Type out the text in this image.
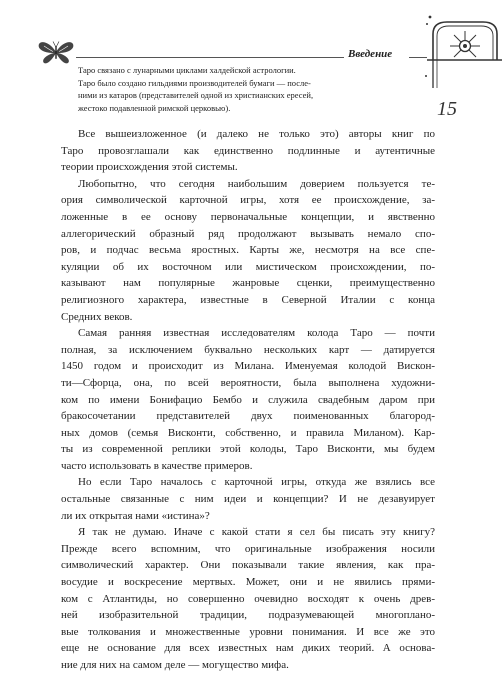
Введение
15
Таро связано с лунарными циклами халдейской астрологии.
Таро было создано гильдиями производителей бумаги — после-
ними из катаров (представителей одной из христианских ересей,
жестоко подавленной римской церковью).

Все вышеизложенное (и далеко не только это) авторы книг по
Таро провозглашали как единственно подлинные и аутентичные
теории происхождения этой системы.

Любопытно, что сегодня наибольшим доверием пользуется те-
ория символической карточной игры, хотя ее происхождение, за-
ложенные в ее основу первоначальные концепции, и явственно
аллегорический образный ряд продолжают вызывать немало спо-
ров, и подчас весьма яростных. Карты же, несмотря на все спе-
куляции об их восточном или мистическом происхождении, по-
казывают нам популярные жанровые сценки, преимущественно
религиозного характера, известные в Северной Италии с конца
Средних веков.

Самая ранняя известная исследователям колода Таро — почти
полная, за исключением буквально нескольких карт — датируется
1450 годом и происходит из Милана. Именуемая колодой Вискон-
ти—Сфорца, она, по всей вероятности, была выполнена художни-
ком по имени Бонифацио Бембо и служила свадебным даром при
бракосочетании представителей двух поименованных благород-
ных домов (семья Висконти, собственно, и правила Миланом). Кар-
ты из современной реплики этой колоды, Таро Висконти, мы будем
часто использовать в качестве примеров.

Но если Таро началось с карточной игры, откуда же взялись все
остальные связанные с ним идеи и концепции? И не дезавуирует
ли их открытая нами «истина»?

Я так не думаю. Иначе с какой стати я сел бы писать эту книгу?
Прежде всего вспомним, что оригинальные изображения носили
символический характер. Они показывали такие явления, как пра-
восудие и воскресение мертвых. Может, они и не явились прями-
ком с Атлантиды, но совершенно очевидно восходят к очень древ-
ней изобразительной традиции, подразумевающей многоплано-
вые толкования и множественные уровни понимания. И все же это
еще не основание для всех известных нам диких теорий. А основа-
ние для них на самом деле — могущество мифа.
